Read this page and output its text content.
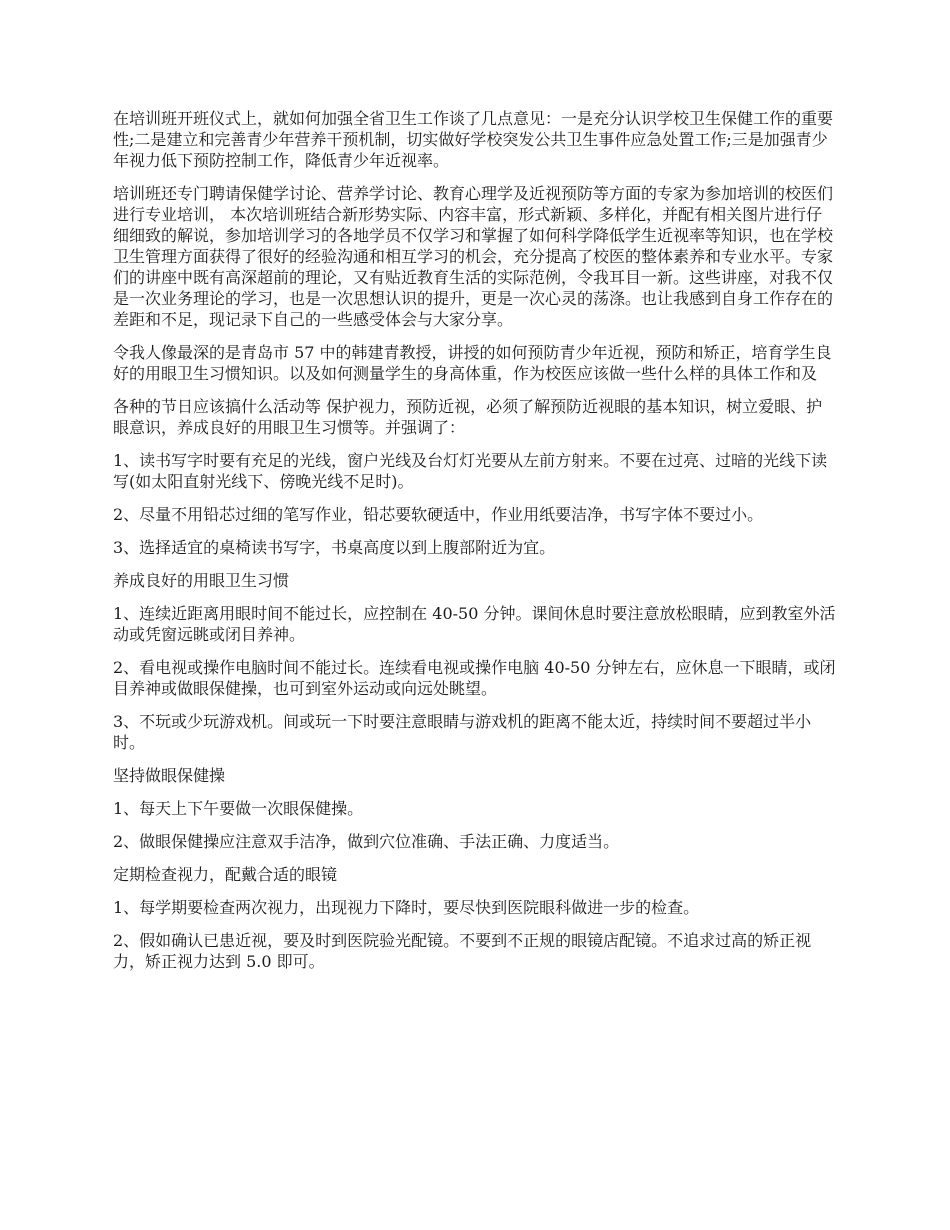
在培训班开班仪式上，就如何加强全省卫生工作谈了几点意见：一是充分认识学校卫生保健工作的重要性;二是建立和完善青少年营养干预机制，切实做好学校突发公共卫生事件应急处置工作;三是加强青少年视力低下预防控制工作，降低青少年近视率。

培训班还专门聘请保健学讨论、营养学讨论、教育心理学及近视预防等方面的专家为参加培训的校医们进行专业培训， 本次培训班结合新形势实际、内容丰富，形式新颖、多样化，并配有相关图片进行仔细细致的解说，参加培训学习的各地学员不仅学习和掌握了如何科学降低学生近视率等知识，也在学校卫生管理方面获得了很好的经验沟通和相互学习的机会，充分提高了校医的整体素养和专业水平。专家们的讲座中既有高深超前的理论，又有贴近教育生活的实际范例，令我耳目一新。这些讲座，对我不仅是一次业务理论的学习，也是一次思想认识的提升，更是一次心灵的荡涤。也让我感到自身工作存在的差距和不足，现记录下自己的一些感受体会与大家分享。

令我人像最深的是青岛市 57 中的韩建青教授，讲授的如何预防青少年近视，预防和矫正，培育学生良好的用眼卫生习惯知识。以及如何测量学生的身高体重，作为校医应该做一些什么样的具体工作和及

各种的节日应该搞什么活动等 保护视力，预防近视，必须了解预防近视眼的基本知识，树立爱眼、护眼意识，养成良好的用眼卫生习惯等。并强调了：

1、读书写字时要有充足的光线，窗户光线及台灯灯光要从左前方射来。不要在过亮、过暗的光线下读写(如太阳直射光线下、傍晚光线不足时)。

2、尽量不用铅芯过细的笔写作业，铅芯要软硬适中，作业用纸要洁净，书写字体不要过小。

3、选择适宜的桌椅读书写字，书桌高度以到上腹部附近为宜。

养成良好的用眼卫生习惯

1、连续近距离用眼时间不能过长，应控制在 40-50 分钟。课间休息时要注意放松眼睛，应到教室外活动或凭窗远眺或闭目养神。

2、看电视或操作电脑时间不能过长。连续看电视或操作电脑 40-50 分钟左右，应休息一下眼睛，或闭目养神或做眼保健操，也可到室外运动或向远处眺望。

3、不玩或少玩游戏机。间或玩一下时要注意眼睛与游戏机的距离不能太近，持续时间不要超过半小时。

坚持做眼保健操

1、每天上下午要做一次眼保健操。

2、做眼保健操应注意双手洁净，做到穴位准确、手法正确、力度适当。

定期检查视力，配戴合适的眼镜

1、每学期要检查两次视力，出现视力下降时，要尽快到医院眼科做进一步的检查。

2、假如确认已患近视，要及时到医院验光配镜。不要到不正规的眼镜店配镜。不追求过高的矫正视力，矫正视力达到 5.0 即可。
